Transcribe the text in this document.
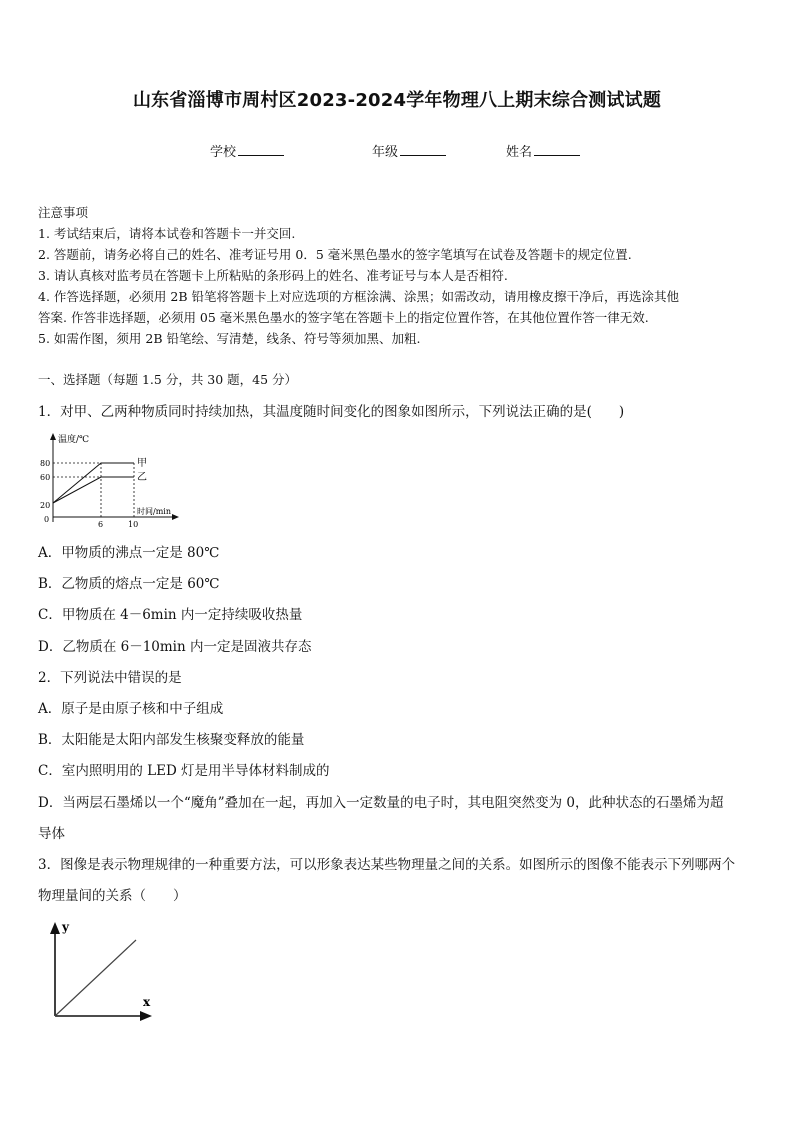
山东省淄博市周村区2023-2024学年物理八上期末综合测试试题
学校	年级	姓名
注意事项
1. 考试结束后，请将本试卷和答题卡一并交回.
2. 答题前，请务必将自己的姓名、准考证号用 0．5 毫米黑色墨水的签字笔填写在试卷及答题卡的规定位置.
3. 请认真核对监考员在答题卡上所粘贴的条形码上的姓名、准考证号与本人是否相符.
4. 作答选择题，必须用 2B 铅笔将答题卡上对应选项的方框涂满、涂黑；如需改动，请用橡皮擦干净后，再选涂其他
答案. 作答非选择题，必须用 05 毫米黑色墨水的签字笔在答题卡上的指定位置作答，在其他位置作答一律无效.
5. 如需作图，须用 2B 铅笔绘、写清楚，线条、符号等须加黑、加粗.
一、选择题（每题 1.5 分，共 30 题，45 分）
1．对甲、乙两种物质同时持续加热，其温度随时间变化的图象如图所示，下列说法正确的是(　　)
温度/℃
时间/min
80
60
20
0
6	10
甲
乙
A．甲物质的沸点一定是 80℃
B．乙物质的熔点一定是 60℃
C．甲物质在 4－6min 内一定持续吸收热量
D．乙物质在 6－10min 内一定是固液共存态
2．下列说法中错误的是
A．原子是由原子核和中子组成
B．太阳能是太阳内部发生核聚变释放的能量
C．室内照明用的 LED 灯是用半导体材料制成的
D．当两层石墨烯以一个“魔角”叠加在一起，再加入一定数量的电子时，其电阻突然变为 0，此种状态的石墨烯为超
导体
3．图像是表示物理规律的一种重要方法，可以形象表达某些物理量之间的关系。如图所示的图像不能表示下列哪两个
物理量间的关系（　　）
y
x
